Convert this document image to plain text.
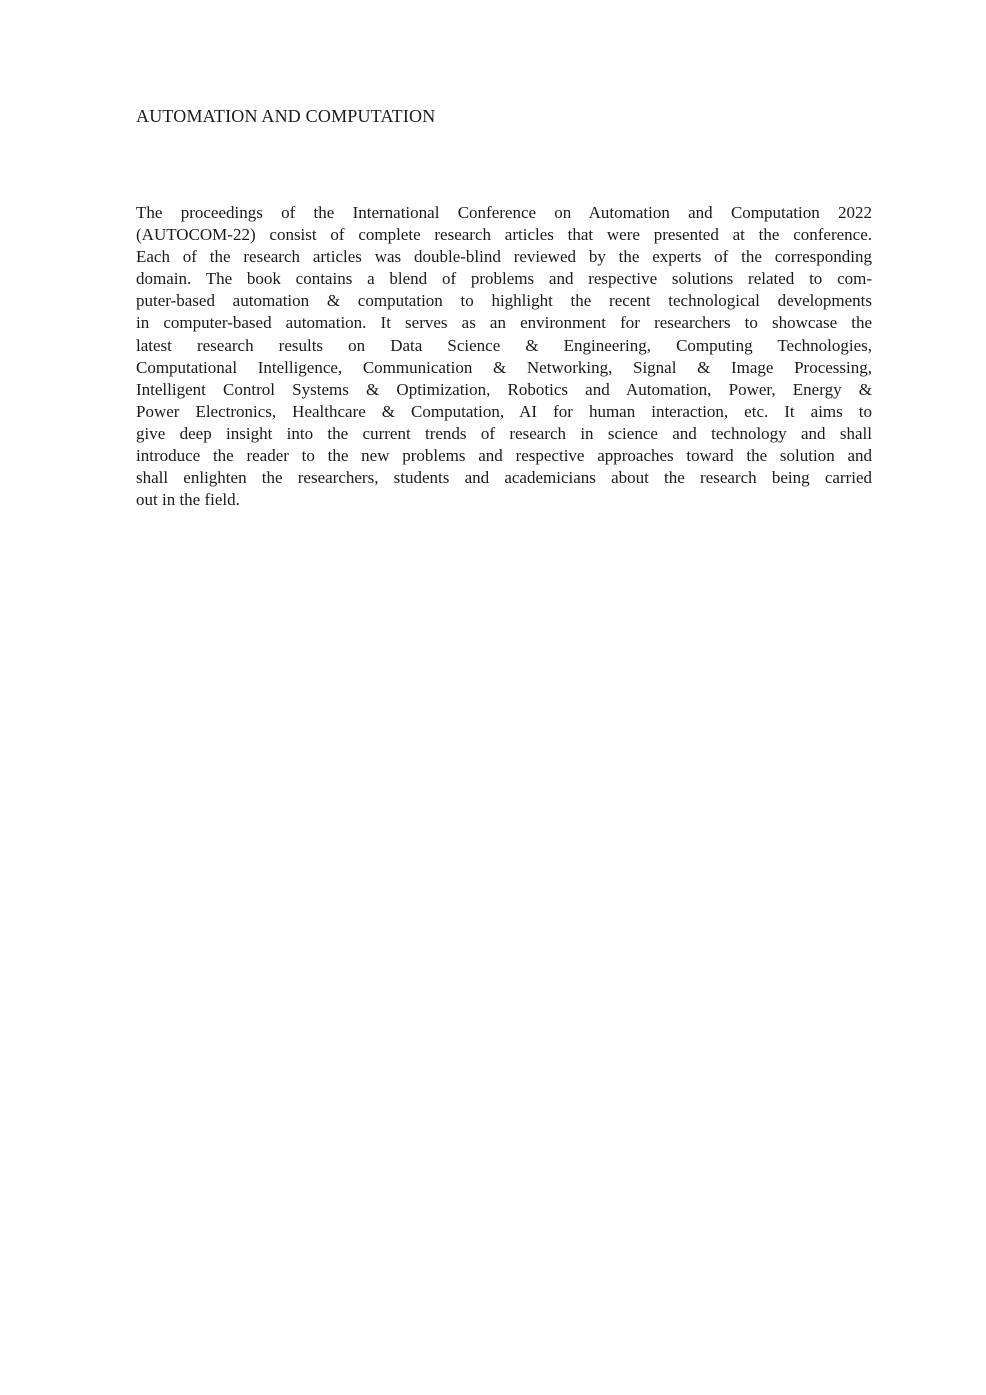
AUTOMATION AND COMPUTATION
The proceedings of the International Conference on Automation and Computation 2022
(AUTOCOM-22) consist of complete research articles that were presented at the conference.
Each of the research articles was double-blind reviewed by the experts of the corresponding
domain. The book contains a blend of problems and respective solutions related to com-
puter-based automation & computation to highlight the recent technological developments
in computer-based automation. It serves as an environment for researchers to showcase the
latest research results on Data Science & Engineering, Computing Technologies,
Computational Intelligence, Communication & Networking, Signal & Image Processing,
Intelligent Control Systems & Optimization, Robotics and Automation, Power, Energy &
Power Electronics, Healthcare & Computation, AI for human interaction, etc. It aims to
give deep insight into the current trends of research in science and technology and shall
introduce the reader to the new problems and respective approaches toward the solution and
shall enlighten the researchers, students and academicians about the research being carried
out in the field.
